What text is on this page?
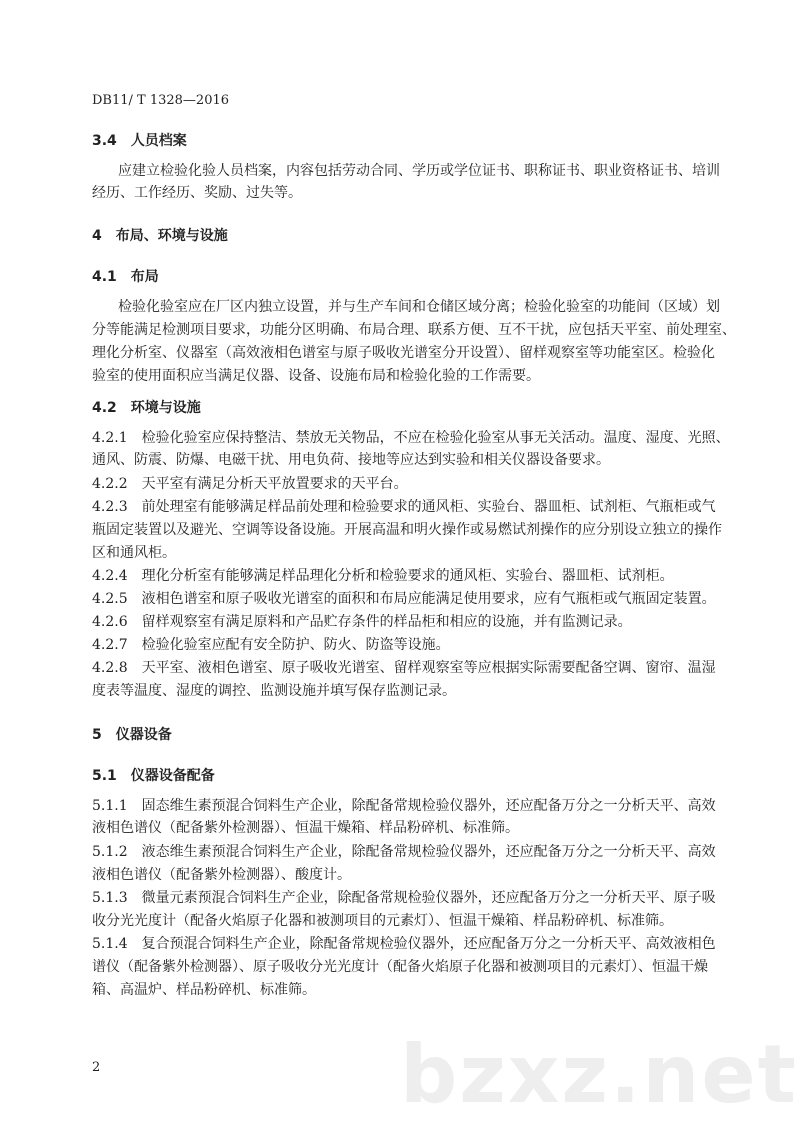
DB11/ T 1328—2016
3.4　人员档案
应建立检验化验人员档案，内容包括劳动合同、学历或学位证书、职称证书、职业资格证书、培训
经历、工作经历、奖励、过失等。
4　布局、环境与设施
4.1　布局
检验化验室应在厂区内独立设置，并与生产车间和仓储区域分离；检验化验室的功能间（区域）划
分等能满足检测项目要求，功能分区明确、布局合理、联系方便、互不干扰，应包括天平室、前处理室、
理化分析室、仪器室（高效液相色谱室与原子吸收光谱室分开设置）、留样观察室等功能室区。检验化
验室的使用面积应当满足仪器、设备、设施布局和检验化验的工作需要。
4.2　环境与设施
4.2.1　检验化验室应保持整洁、禁放无关物品，不应在检验化验室从事无关活动。温度、湿度、光照、
通风、防震、防爆、电磁干扰、用电负荷、接地等应达到实验和相关仪器设备要求。
4.2.2　天平室有满足分析天平放置要求的天平台。
4.2.3　前处理室有能够满足样品前处理和检验要求的通风柜、实验台、器皿柜、试剂柜、气瓶柜或气
瓶固定装置以及避光、空调等设备设施。开展高温和明火操作或易燃试剂操作的应分别设立独立的操作
区和通风柜。
4.2.4　理化分析室有能够满足样品理化分析和检验要求的通风柜、实验台、器皿柜、试剂柜。
4.2.5　液相色谱室和原子吸收光谱室的面积和布局应能满足使用要求，应有气瓶柜或气瓶固定装置。
4.2.6　留样观察室有满足原料和产品贮存条件的样品柜和相应的设施，并有监测记录。
4.2.7　检验化验室应配有安全防护、防火、防盗等设施。
4.2.8　天平室、液相色谱室、原子吸收光谱室、留样观察室等应根据实际需要配备空调、窗帘、温湿
度表等温度、湿度的调控、监测设施并填写保存监测记录。
5　仪器设备
5.1　仪器设备配备
5.1.1　固态维生素预混合饲料生产企业，除配备常规检验仪器外，还应配备万分之一分析天平、高效
液相色谱仪（配备紫外检测器）、恒温干燥箱、样品粉碎机、标准筛。
5.1.2　液态维生素预混合饲料生产企业，除配备常规检验仪器外，还应配备万分之一分析天平、高效
液相色谱仪（配备紫外检测器）、酸度计。
5.1.3　微量元素预混合饲料生产企业，除配备常规检验仪器外，还应配备万分之一分析天平、原子吸
收分光光度计（配备火焰原子化器和被测项目的元素灯）、恒温干燥箱、样品粉碎机、标准筛。
5.1.4　复合预混合饲料生产企业，除配备常规检验仪器外，还应配备万分之一分析天平、高效液相色
谱仪（配备紫外检测器）、原子吸收分光光度计（配备火焰原子化器和被测项目的元素灯）、恒温干燥
箱、高温炉、样品粉碎机、标准筛。
2	bzxz.net
